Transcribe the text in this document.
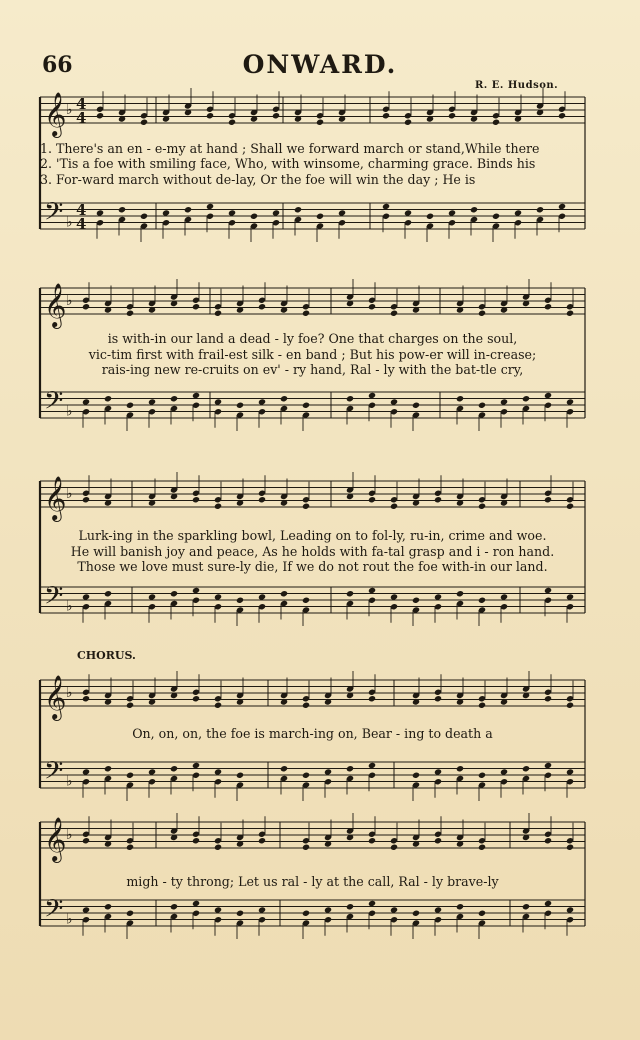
66	ONWARD.
R. E. Hudson.
CHORUS.
𝄞
𝄢
♭
♭
4
4
4
4
𝄞
𝄢
♭
♭
𝄞
𝄢
♭
♭
𝄞
𝄢
♭
♭
𝄞
𝄢
♭
♭
1. There's an en - e-my at hand ; Shall we forward march or stand,While there
2. 'Tis a foe with smiling face, Who, with winsome, charming grace. Binds his
3. For-ward march without de-lay, Or the foe will win the day ; He is
is with-in our land a dead - ly foe? One that charges on the soul,
vic-tim first with frail-est silk - en band ; But his pow-er will in-crease;
rais-ing new re-cruits on ev' - ry hand, Ral - ly with the bat-tle cry,
Lurk-ing in the sparkling bowl, Leading on to fol-ly, ru-in, crime and woe.
He will banish joy and peace, As he holds with fa-tal grasp and i - ron hand.
Those we love must sure-ly die, If we do not rout the foe with-in our land.
On, on, on, the foe is march-ing on, Bear - ing to death a
migh - ty throng; Let us ral - ly at the call, Ral - ly brave-ly
